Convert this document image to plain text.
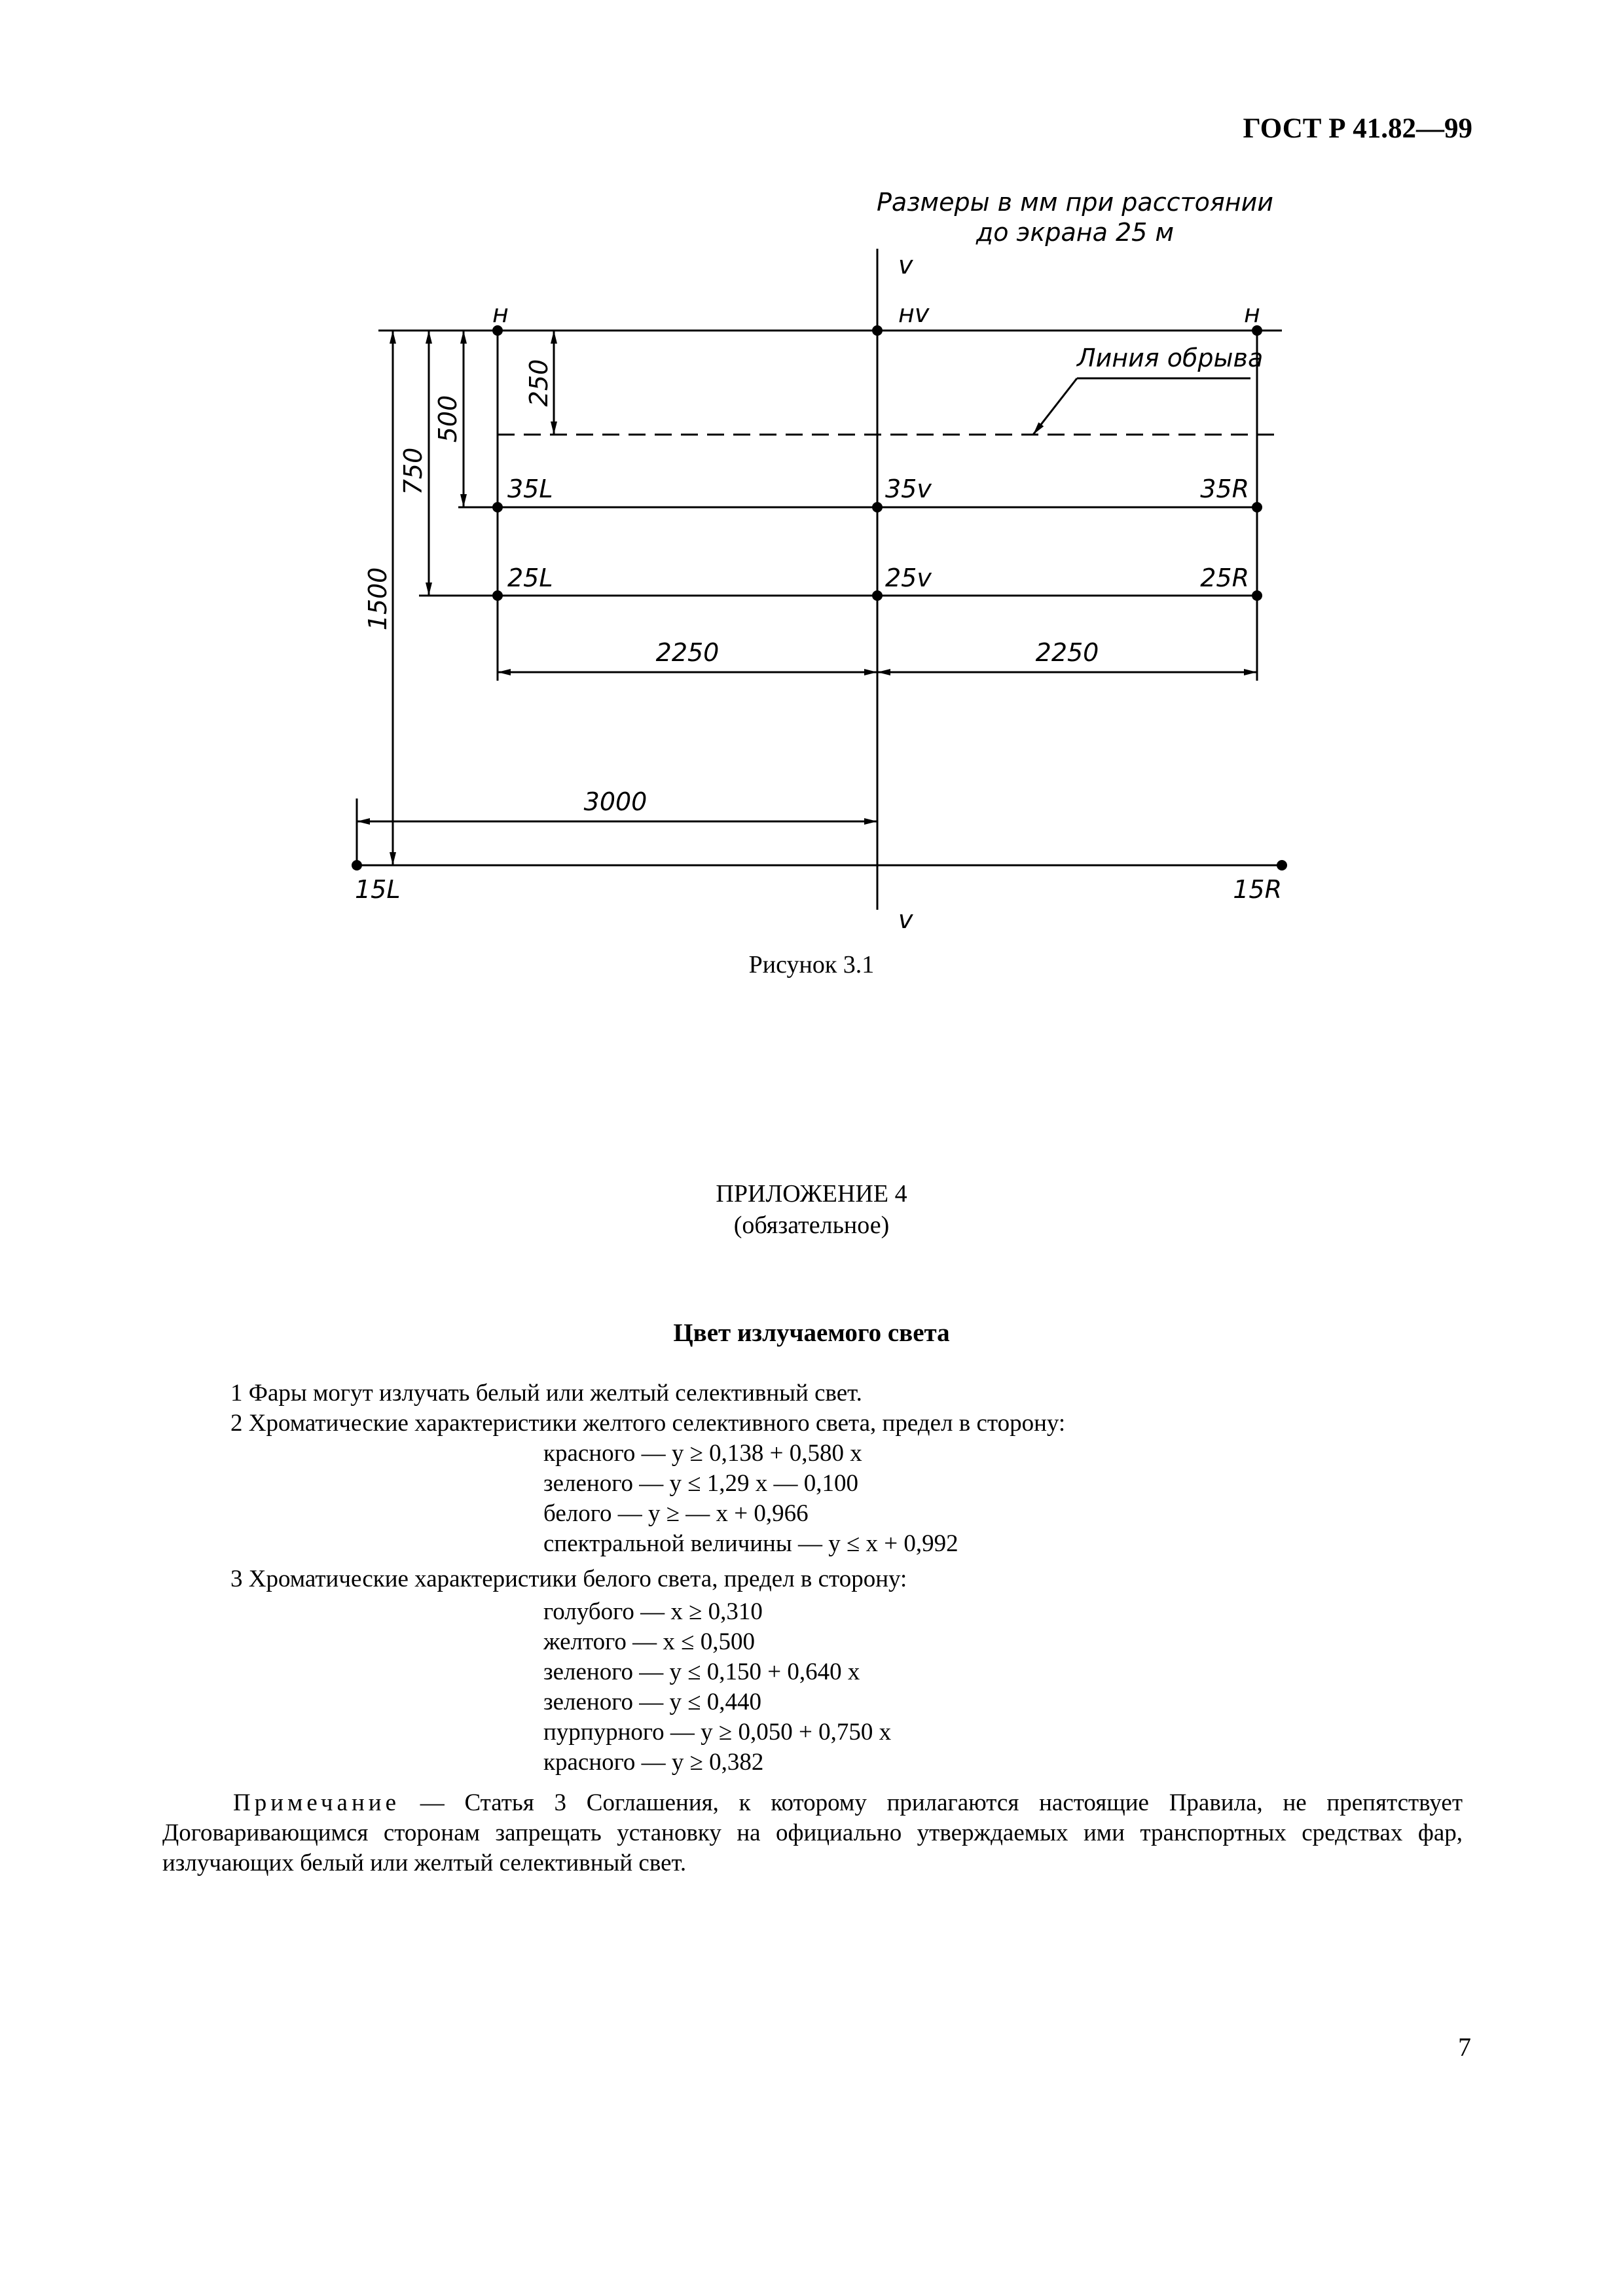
ГОСТ Р 41.82—99
Размеры в мм при расстоянии
до экрана 25 м
v
н	нv	н
Линия обрыва
35L	35v	35R
25L	25v	25R
2250	2250
3000
15L	15R
v
250
500
750
1500
Рисунок 3.1
ПРИЛОЖЕНИЕ 4
(обязательное)
Цвет излучаемого света
1 Фары могут излучать белый или желтый селективный свет.
2 Хроматические характеристики желтого селективного света, предел в сторону:
красного — y ≥ 0,138 + 0,580 x
зеленого — y ≤ 1,29 x — 0,100
белого — y ≥ — x + 0,966
спектральной величины — y ≤ x + 0,992
3 Хроматические характеристики белого света, предел в сторону:
голубого — x ≥ 0,310
желтого — x ≤ 0,500
зеленого — y ≤ 0,150 + 0,640 x
зеленого — y ≤ 0,440
пурпурного — y ≥ 0,050 + 0,750 x
красного — y ≥ 0,382
Примечание — Статья 3 Соглашения, к которому прилагаются настоящие Правила, не препятствует Договаривающимся сторонам запрещать установку на официально утверждаемых ими транспортных средствах фар, излучающих белый или желтый селективный свет.
7
